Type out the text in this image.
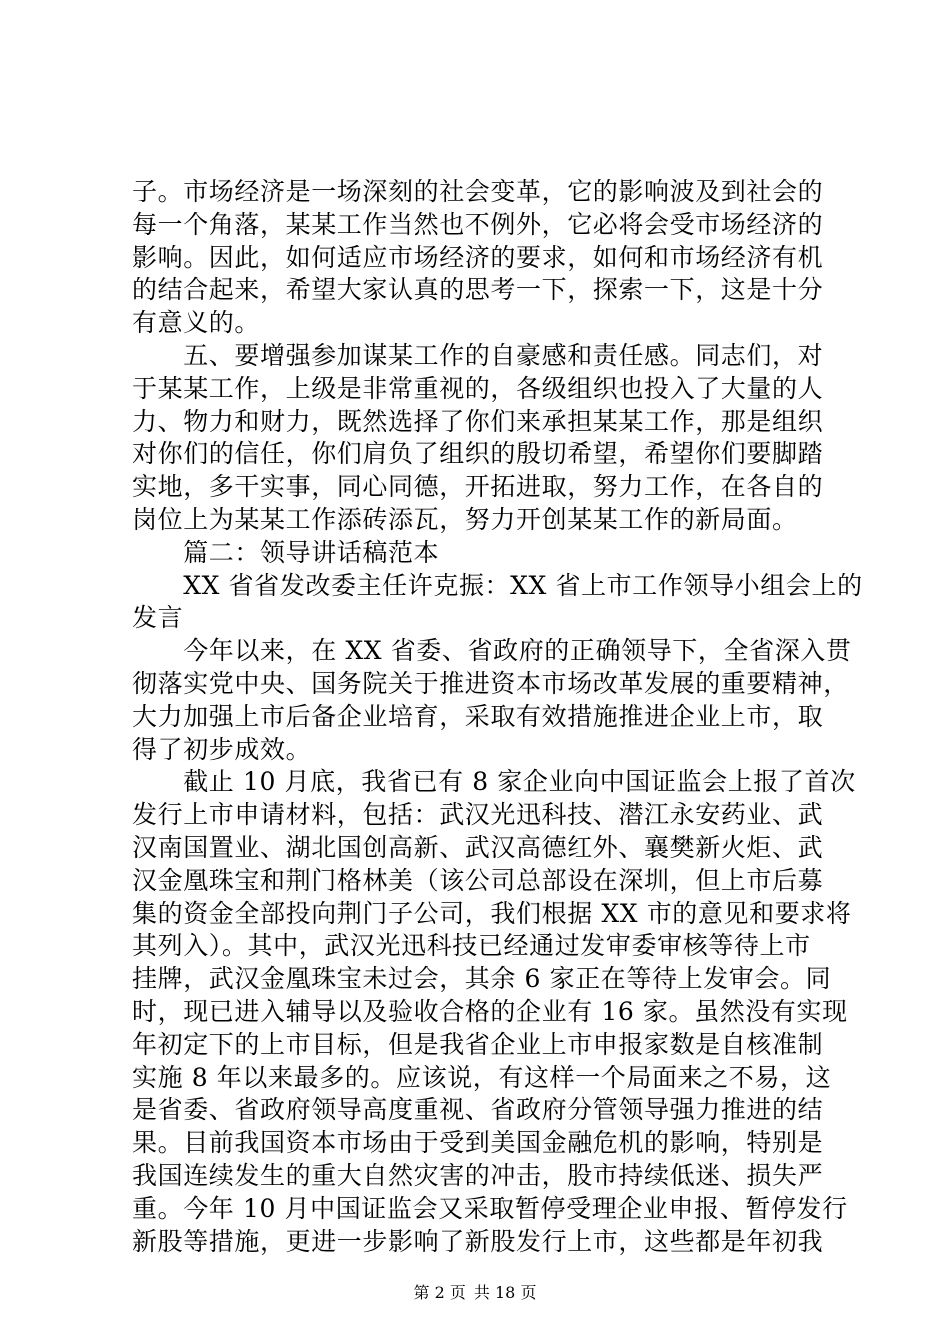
子。市场经济是一场深刻的社会变革，它的影响波及到社会的
每一个角落，某某工作当然也不例外，它必将会受市场经济的
影响。因此，如何适应市场经济的要求，如何和市场经济有机
的结合起来，希望大家认真的思考一下，探索一下，这是十分
有意义的。
　　五、要增强参加谋某工作的自豪感和责任感。同志们，对
于某某工作，上级是非常重视的，各级组织也投入了大量的人
力、物力和财力，既然选择了你们来承担某某工作，那是组织
对你们的信任，你们肩负了组织的殷切希望，希望你们要脚踏
实地，多干实事，同心同德，开拓进取，努力工作，在各自的
岗位上为某某工作添砖添瓦，努力开创某某工作的新局面。
　　篇二：领导讲话稿范本
　　XX 省省发改委主任许克振：XX 省上市工作领导小组会上的
发言
　　今年以来，在 XX 省委、省政府的正确领导下，全省深入贯
彻落实党中央、国务院关于推进资本市场改革发展的重要精神，
大力加强上市后备企业培育，采取有效措施推进企业上市，取
得了初步成效。
　　截止 10 月底，我省已有 8 家企业向中国证监会上报了首次
发行上市申请材料，包括：武汉光迅科技、潜江永安药业、武
汉南国置业、湖北国创高新、武汉高德红外、襄樊新火炬、武
汉金凰珠宝和荆门格林美（该公司总部设在深圳，但上市后募
集的资金全部投向荆门子公司，我们根据 XX 市的意见和要求将
其列入）。其中，武汉光迅科技已经通过发审委审核等待上市
挂牌，武汉金凰珠宝未过会，其余 6 家正在等待上发审会。同
时，现已进入辅导以及验收合格的企业有 16 家。虽然没有实现
年初定下的上市目标，但是我省企业上市申报家数是自核准制
实施 8 年以来最多的。应该说，有这样一个局面来之不易，这
是省委、省政府领导高度重视、省政府分管领导强力推进的结
果。目前我国资本市场由于受到美国金融危机的影响，特别是
我国连续发生的重大自然灾害的冲击，股市持续低迷、损失严
重。今年 10 月中国证监会又采取暂停受理企业申报、暂停发行
新股等措施，更进一步影响了新股发行上市，这些都是年初我
第 2 页 共 18 页
